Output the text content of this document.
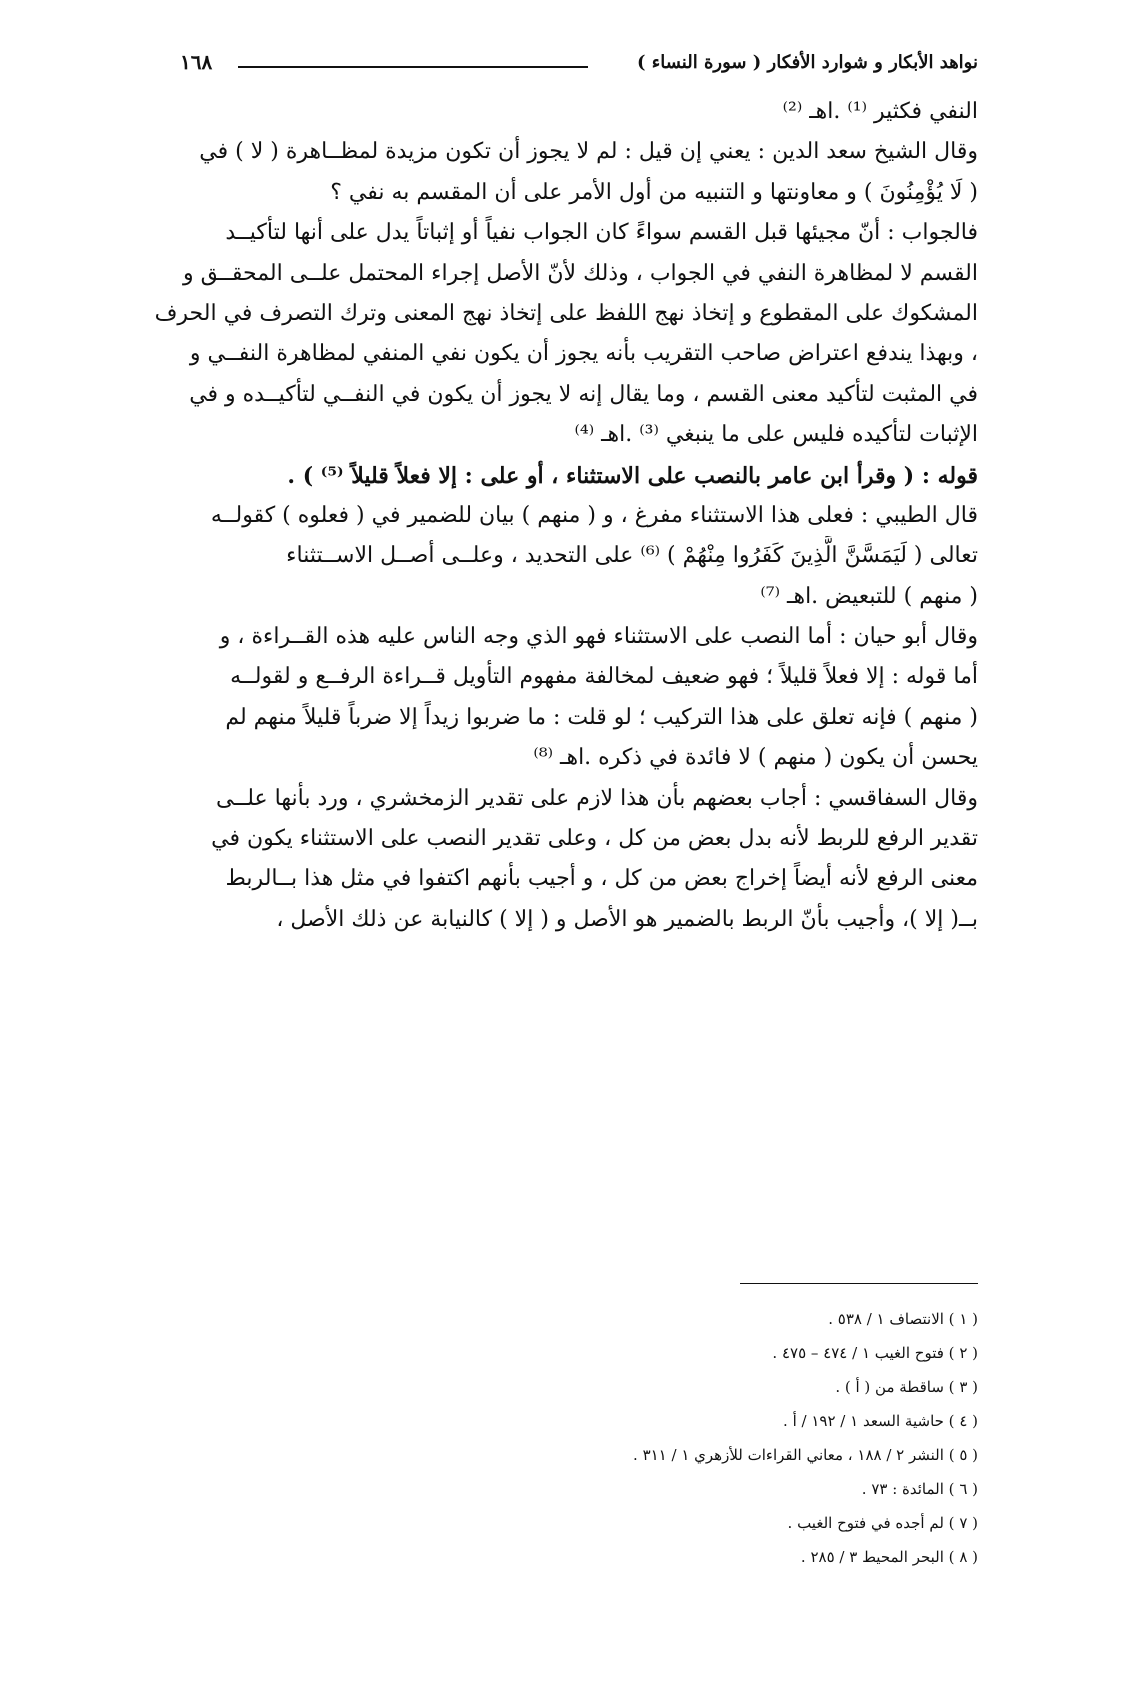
نواهد الأبكار و شوارد الأفكار ( سورة النساء )
١٦٨
النفي فكثير ⁽¹⁾ .اهـ ⁽²⁾
وقال الشيخ سعد الدين : يعني إن قيل : لم لا يجوز أن تكون مزيدة لمظــاهرة ( لا ) في
( لَا يُؤْمِنُونَ ) و معاونتها و التنبيه من أول الأمر على أن المقسم به نفي ؟
فالجواب : أنّ مجيئها قبل القسم سواءً كان الجواب نفياً أو إثباتاً يدل على أنها لتأكيــد
القسم لا لمظاهرة النفي في الجواب ، وذلك لأنّ الأصل إجراء المحتمل علــى المحقــق و
المشكوك على المقطوع و إتخاذ نهج اللفظ على إتخاذ نهج المعنى وترك التصرف في الحرف
، وبهذا يندفع اعتراض صاحب التقريب بأنه يجوز أن يكون نفي المنفي لمظاهرة النفــي و
في المثبت لتأكيد معنى القسم ، وما يقال إنه لا يجوز أن يكون في النفــي لتأكيــده و في
الإثبات لتأكيده فليس على ما ينبغي ⁽³⁾ .اهـ ⁽⁴⁾
قوله : ( وقرأ ابن عامر بالنصب على الاستثناء ، أو على : إلا فعلاً قليلاً ⁽⁵⁾ ) .
قال الطيبي : فعلى هذا الاستثناء مفرغ ، و ( منهم ) بيان للضمير في ( فعلوه ) كقولــه
تعالى ( لَيَمَسَّنَّ الَّذِينَ كَفَرُوا مِنْهُمْ ) ⁽⁶⁾ على التحديد ، وعلــى أصــل الاســتثناء
( منهم ) للتبعيض .اهـ ⁽⁷⁾
وقال أبو حيان : أما النصب على الاستثناء فهو الذي وجه الناس عليه هذه القــراءة ، و
أما قوله : إلا فعلاً قليلاً ؛ فهو ضعيف لمخالفة مفهوم التأويل قــراءة الرفــع و لقولــه
( منهم ) فإنه تعلق على هذا التركيب ؛ لو قلت : ما ضربوا زيداً إلا ضرباً قليلاً منهم لم
يحسن أن يكون ( منهم ) لا فائدة في ذكره .اهـ ⁽⁸⁾
وقال السفاقسي : أجاب بعضهم بأن هذا لازم على تقدير الزمخشري ، ورد بأنها علــى
تقدير الرفع للربط لأنه بدل بعض من كل ، وعلى تقدير النصب على الاستثناء يكون في
معنى الرفع لأنه أيضاً إخراج بعض من كل ، و أجيب بأنهم اكتفوا في مثل هذا بــالربط
بــ( إلا )، وأجيب بأنّ الربط بالضمير هو الأصل و ( إلا ) كالنيابة عن ذلك الأصل ،
( ١ ) الانتصاف ١ / ٥٣٨ .
( ٢ ) فتوح الغيب ١ / ٤٧٤ – ٤٧٥ .
( ٣ ) ساقطة من ( أ ) .
( ٤ ) حاشية السعد ١ / ١٩٢ / أ .
( ٥ ) النشر ٢ / ١٨٨ ، معاني القراءات للأزهري ١ / ٣١١ .
( ٦ ) المائدة : ٧٣ .
( ٧ ) لم أجده في فتوح الغيب .
( ٨ ) البحر المحيط ٣ / ٢٨٥ .
